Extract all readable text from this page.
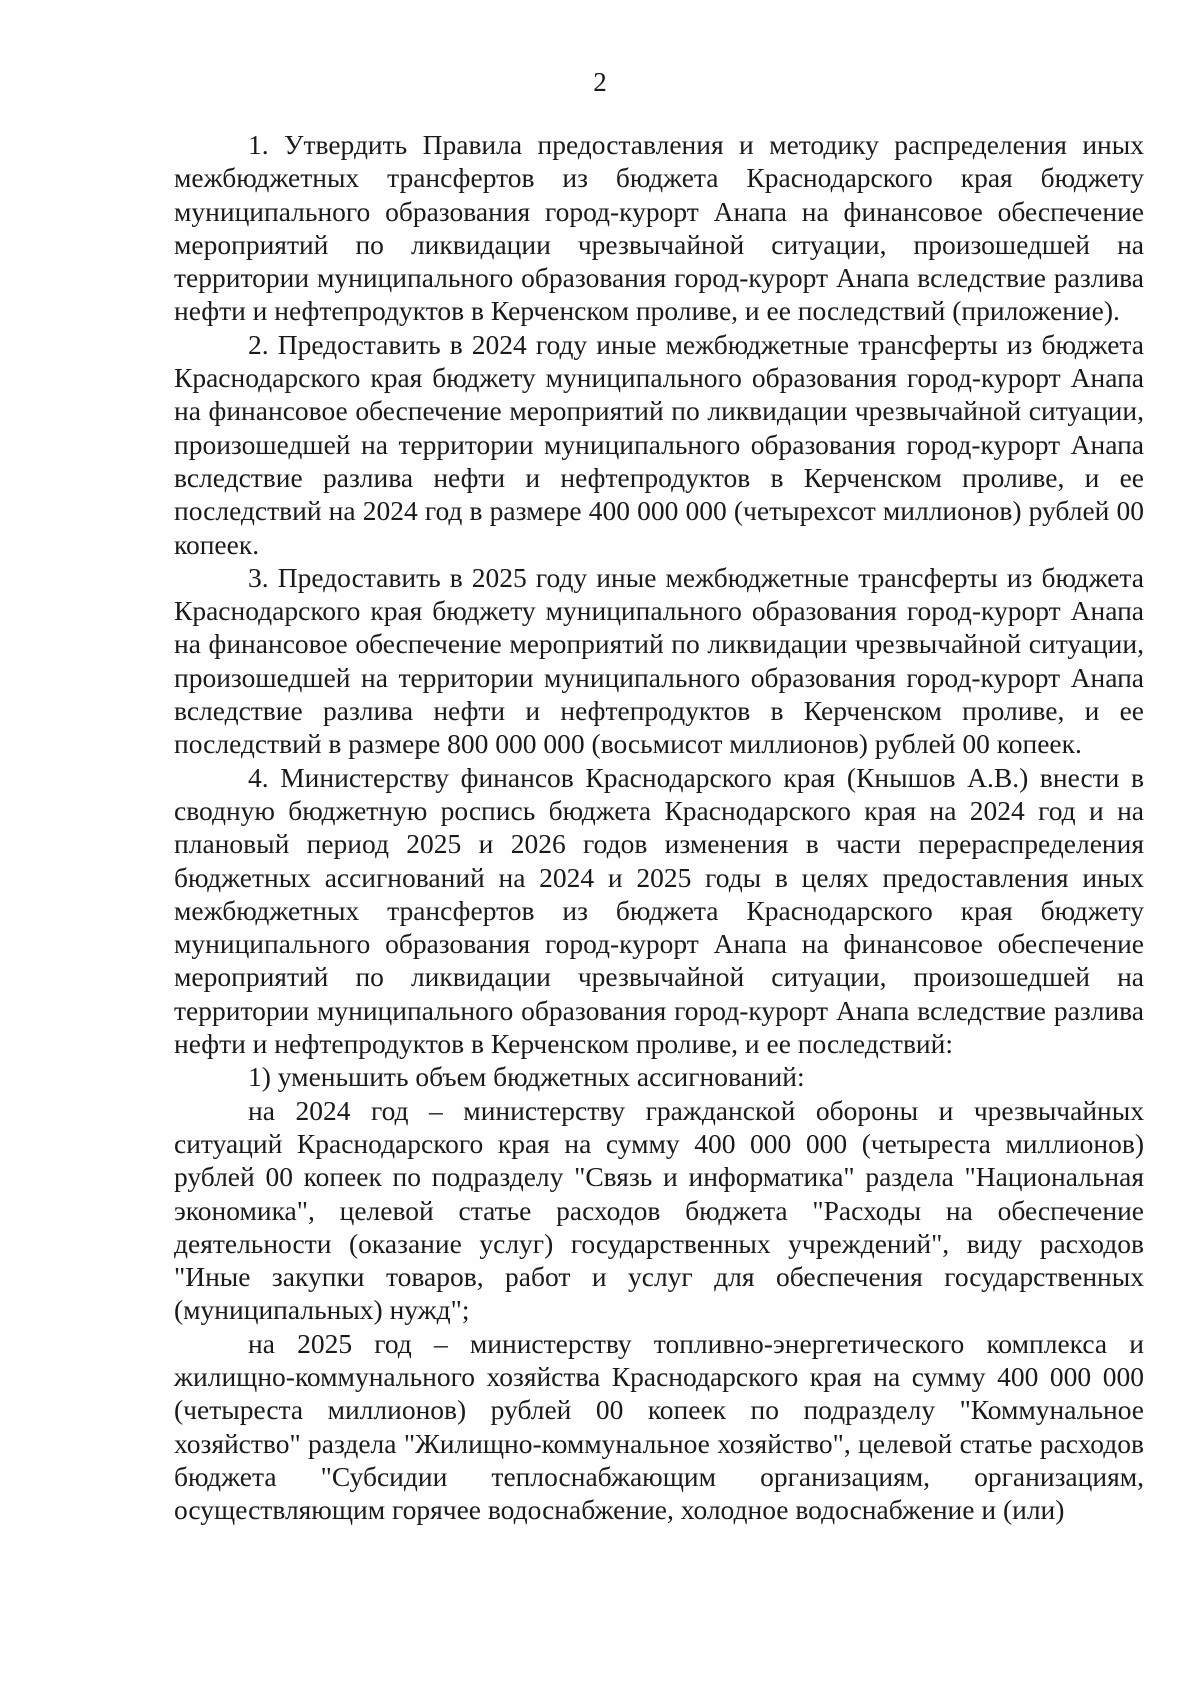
2

1. Утвердить Правила предоставления и методику распределения иных межбюджетных трансфертов из бюджета Краснодарского края бюджету муниципального образования город-курорт Анапа на финансовое обеспечение мероприятий по ликвидации чрезвычайной ситуации, произошедшей на территории муниципального образования город-курорт Анапа вследствие разлива нефти и нефтепродуктов в Керченском проливе, и ее последствий (приложение).

2. Предоставить в 2024 году иные межбюджетные трансферты из бюджета Краснодарского края бюджету муниципального образования город-курорт Анапа на финансовое обеспечение мероприятий по ликвидации чрезвычайной ситуации, произошедшей на территории муниципального образования город-курорт Анапа вследствие разлива нефти и нефтепродуктов в Керченском проливе, и ее последствий на 2024 год в размере 400 000 000 (четырехсот миллионов) рублей 00 копеек.

3. Предоставить в 2025 году иные межбюджетные трансферты из бюджета Краснодарского края бюджету муниципального образования город-курорт Анапа на финансовое обеспечение мероприятий по ликвидации чрезвычайной ситуации, произошедшей на территории муниципального образования город-курорт Анапа вследствие разлива нефти и нефтепродуктов в Керченском проливе, и ее последствий в размере 800 000 000 (восьмисот миллионов) рублей 00 копеек.

4. Министерству финансов Краснодарского края (Кнышов А.В.) внести в сводную бюджетную роспись бюджета Краснодарского края на 2024 год и на плановый период 2025 и 2026 годов изменения в части перераспределения бюджетных ассигнований на 2024 и 2025 годы в целях предоставления иных межбюджетных трансфертов из бюджета Краснодарского края бюджету муниципального образования город-курорт Анапа на финансовое обеспечение мероприятий по ликвидации чрезвычайной ситуации, произошедшей на территории муниципального образования город-курорт Анапа вследствие разлива нефти и нефтепродуктов в Керченском проливе, и ее последствий:

1) уменьшить объем бюджетных ассигнований:

на 2024 год – министерству гражданской обороны и чрезвычайных ситуаций Краснодарского края на сумму 400 000 000 (четыреста миллионов) рублей 00 копеек по подразделу "Связь и информатика" раздела "Национальная экономика", целевой статье расходов бюджета "Расходы на обеспечение деятельности (оказание услуг) государственных учреждений", виду расходов "Иные закупки товаров, работ и услуг для обеспечения государственных (муниципальных) нужд";

на 2025 год – министерству топливно-энергетического комплекса и жилищно-коммунального хозяйства Краснодарского края на сумму 400 000 000 (четыреста миллионов) рублей 00 копеек по подразделу "Коммунальное хозяйство" раздела "Жилищно-коммунальное хозяйство", целевой статье расходов бюджета "Субсидии теплоснабжающим организациям, организациям, осуществляющим горячее водоснабжение, холодное водоснабжение и (или)
